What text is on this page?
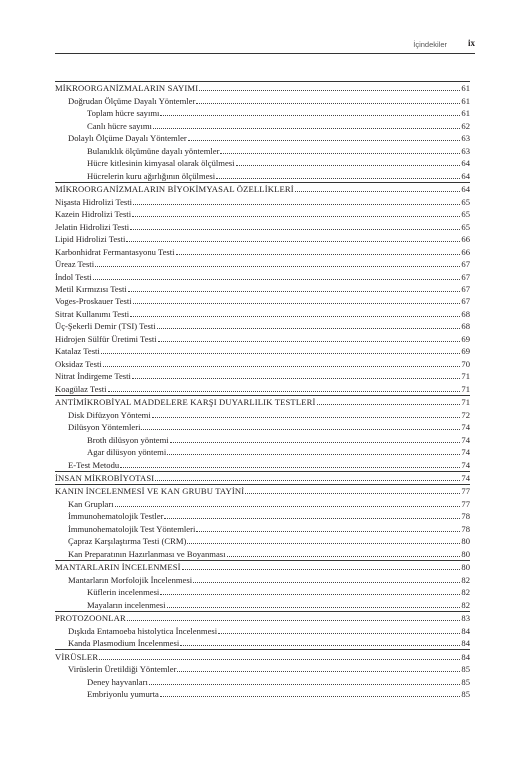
İçindekiler ix
MİKROORGANİZMALARIN SAYIMI	61
Doğrudan Ölçüme Dayalı Yöntemler	61
Toplam hücre sayımı	61
Canlı hücre sayımı	62
Dolaylı Ölçüme Dayalı Yöntemler	63
Bulanıklık ölçümüne dayalı yöntemler	63
Hücre kitlesinin kimyasal olarak ölçülmesi	64
Hücrelerin kuru ağırlığının ölçülmesi	64
MİKROORGANİZMALARIN BİYOKİMYASAL ÖZELLİKLERİ	64
Nişasta Hidrolizi Testi	65
Kazein Hidrolizi Testi	65
Jelatin Hidrolizi Testi	65
Lipid Hidrolizi Testi	66
Karbonhidrat Fermantasyonu Testi	66
Üreaz Testi	67
İndol Testi	67
Metil Kırmızısı Testi	67
Voges-Proskauer Testi	67
Sitrat Kullanımı Testi	68
Üç-Şekerli Demir (TSI) Testi	68
Hidrojen Sülfür Üretimi Testi	69
Katalaz Testi	69
Oksidaz Testi	70
Nitrat İndirgeme Testi	71
Koagülaz Testi	71
ANTİMİKROBİYAL MADDELERE KARŞI DUYARLILIK TESTLERİ	71
Disk Difüzyon Yöntemi	72
Dilüsyon Yöntemleri	74
Broth dilüsyon yöntemi	74
Agar dilüsyon yöntemi	74
E-Test Metodu	74
İNSAN MİKROBİYOTASI	74
KANIN İNCELENMESİ VE KAN GRUBU TAYİNİ	77
Kan Grupları	77
İmmunohematolojik Testler	78
İmmunohematolojik Test Yöntemleri	78
Çapraz Karşılaştırma Testi (CRM)	80
Kan Preparatının Hazırlanması ve Boyanması	80
MANTARLARIN İNCELENMESİ	80
Mantarların Morfolojik İncelenmesi	82
Küflerin incelenmesi	82
Mayaların incelenmesi	82
PROTOZOONLAR	83
Dışkıda Entamoeba histolytica İncelenmesi	84
Kanda Plasmodium İncelenmesi	84
VİRÜSLER	84
Virüslerin Üretildiği Yöntemler	85
Deney hayvanları	85
Embriyonlu yumurta	85
